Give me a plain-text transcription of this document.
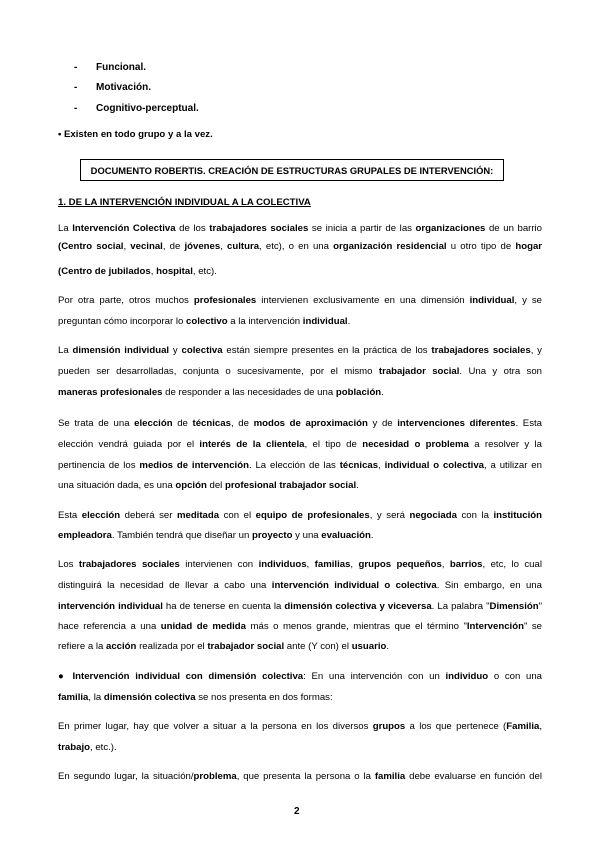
-	Funcional.
-	Motivación.
-	Cognitivo-perceptual.
• Existen en todo grupo y a la vez.
DOCUMENTO ROBERTIS. CREACIÓN DE ESTRUCTURAS GRUPALES DE INTERVENCIÓN:
1. DE LA INTERVENCIÓN INDIVIDUAL A LA COLECTIVA
La Intervención Colectiva de los trabajadores sociales se inicia a partir de las organizaciones de un barrio
(Centro social, vecinal, de jóvenes, cultura, etc), o en una organización residencial u otro tipo de hogar
(Centro de jubilados, hospital, etc).
Por otra parte, otros muchos profesionales intervienen exclusivamente en una dimensión individual, y se
preguntan cómo incorporar lo colectivo a la intervención individual.
La dimensión individual y colectiva están siempre presentes en la práctica de los trabajadores sociales, y
pueden ser desarrolladas, conjunta o sucesivamente, por el mismo trabajador social. Una y otra son
maneras profesionales de responder a las necesidades de una población.
Se trata de una elección de técnicas, de modos de aproximación y de intervenciones diferentes. Esta
elección vendrá guiada por el interés de la clientela, el tipo de necesidad o problema a resolver y la
pertinencia de los medios de intervención. La elección de las técnicas, individual o colectiva, a utilizar en
una situación dada, es una opción del profesional trabajador social.
Esta elección deberá ser meditada con el equipo de profesionales, y será negociada con la institución
empleadora. También tendrá que diseñar un proyecto y una evaluación.
Los trabajadores sociales intervienen con individuos, familias, grupos pequeños, barrios, etc, lo cual
distinguirá la necesidad de llevar a cabo una intervención individual o colectiva. Sin embargo, en una
intervención individual ha de tenerse en cuenta la dimensión colectiva y viceversa. La palabra "Dimensión"
hace referencia a una unidad de medida más o menos grande, mientras que el término "Intervención" se
refiere a la acción realizada por el trabajador social ante (Y con) el usuario.
● Intervención individual con dimensión colectiva: En una intervención con un individuo o con una
familia, la dimensión colectiva se nos presenta en dos formas:
En primer lugar, hay que volver a situar a la persona en los diversos grupos a los que pertenece (Familia,
trabajo, etc.).
En segundo lugar, la situación/problema, que presenta la persona o la familia debe evaluarse en función del
2
